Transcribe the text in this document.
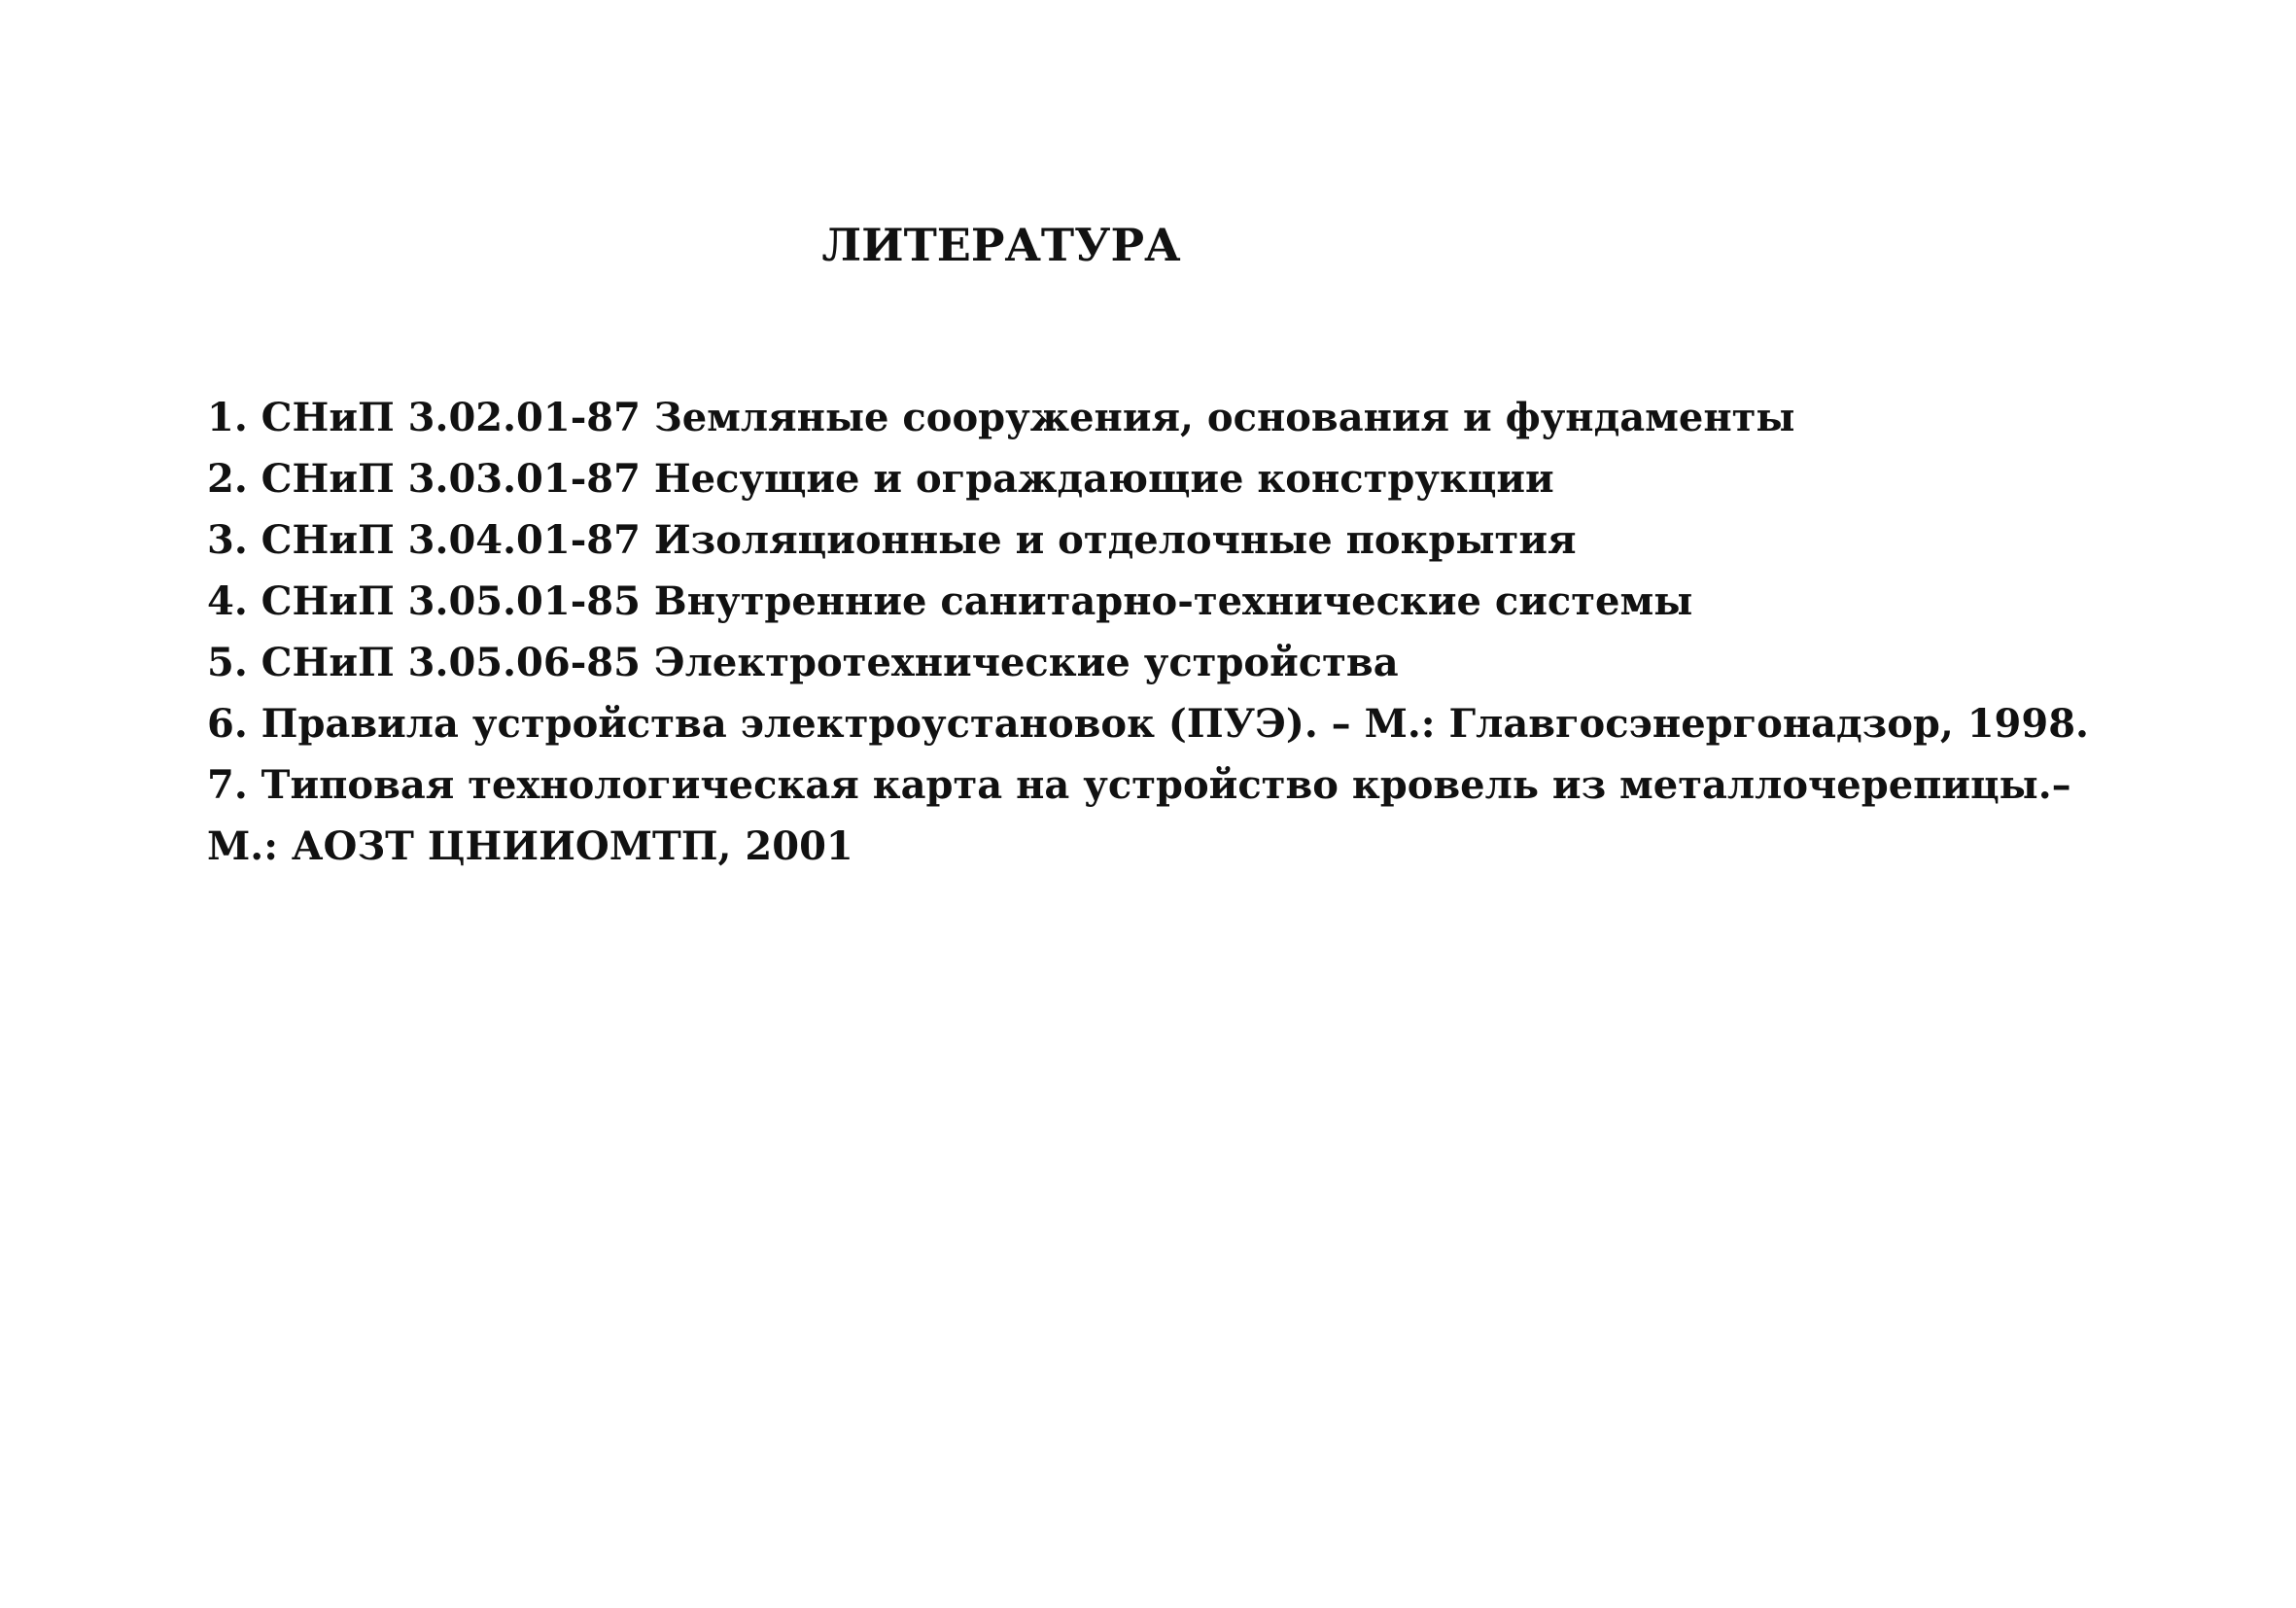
ЛИТЕРАТУРА
1. СНиП 3.02.01-87 Земляные сооружения, основания и фундаменты
2. СНиП 3.03.01-87 Несущие и ограждающие конструкции
3. СНиП 3.04.01-87 Изоляционные и отделочные покрытия
4. СНиП 3.05.01-85 Внутренние санитарно-технические системы
5. СНиП 3.05.06-85 Электротехнические устройства
6. Правила устройства электроустановок (ПУЭ). – М.: Главгосэнергонадзор, 1998.
7. Типовая технологическая карта на устройство кровель из металлочерепицы.–
М.: АОЗТ ЦНИИОМТП, 2001
